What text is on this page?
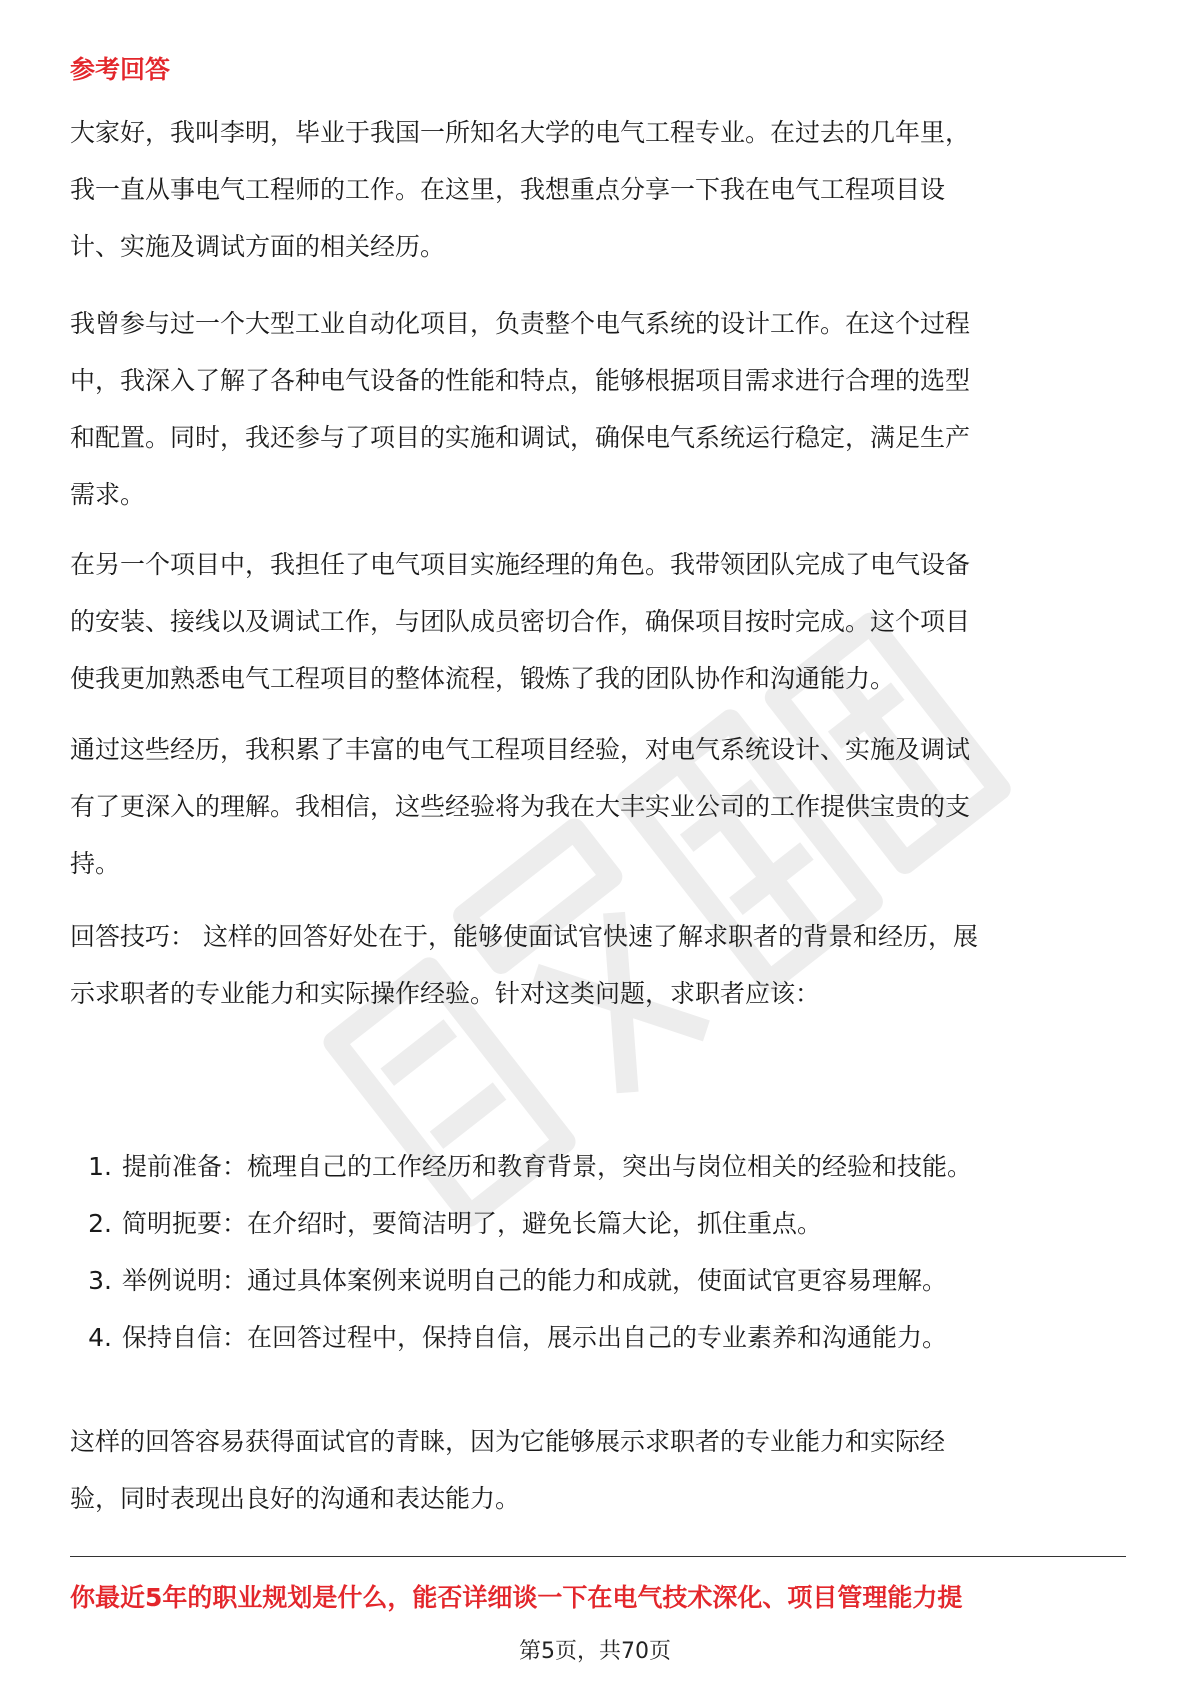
参考回答

大家好，我叫李明，毕业于我国一所知名大学的电气工程专业。在过去的几年里，
我一直从事电气工程师的工作。在这里，我想重点分享一下我在电气工程项目设
计、实施及调试方面的相关经历。

我曾参与过一个大型工业自动化项目，负责整个电气系统的设计工作。在这个过程
中，我深入了解了各种电气设备的性能和特点，能够根据项目需求进行合理的选型
和配置。同时，我还参与了项目的实施和调试，确保电气系统运行稳定，满足生产
需求。

在另一个项目中，我担任了电气项目实施经理的角色。我带领团队完成了电气设备
的安装、接线以及调试工作，与团队成员密切合作，确保项目按时完成。这个项目
使我更加熟悉电气工程项目的整体流程，锻炼了我的团队协作和沟通能力。

通过这些经历，我积累了丰富的电气工程项目经验，对电气系统设计、实施及调试
有了更深入的理解。我相信，这些经验将为我在大丰实业公司的工作提供宝贵的支
持。

回答技巧： 这样的回答好处在于，能够使面试官快速了解求职者的背景和经历，展
示求职者的专业能力和实际操作经验。针对这类问题，求职者应该：

1. 提前准备：梳理自己的工作经历和教育背景，突出与岗位相关的经验和技能。
2. 简明扼要：在介绍时，要简洁明了，避免长篇大论，抓住重点。
3. 举例说明：通过具体案例来说明自己的能力和成就，使面试官更容易理解。
4. 保持自信：在回答过程中，保持自信，展示出自己的专业素养和沟通能力。

这样的回答容易获得面试官的青睐，因为它能够展示求职者的专业能力和实际经
验，同时表现出良好的沟通和表达能力。

你最近5年的职业规划是什么，能否详细谈一下在电气技术深化、项目管理能力提
第5页，共70页
